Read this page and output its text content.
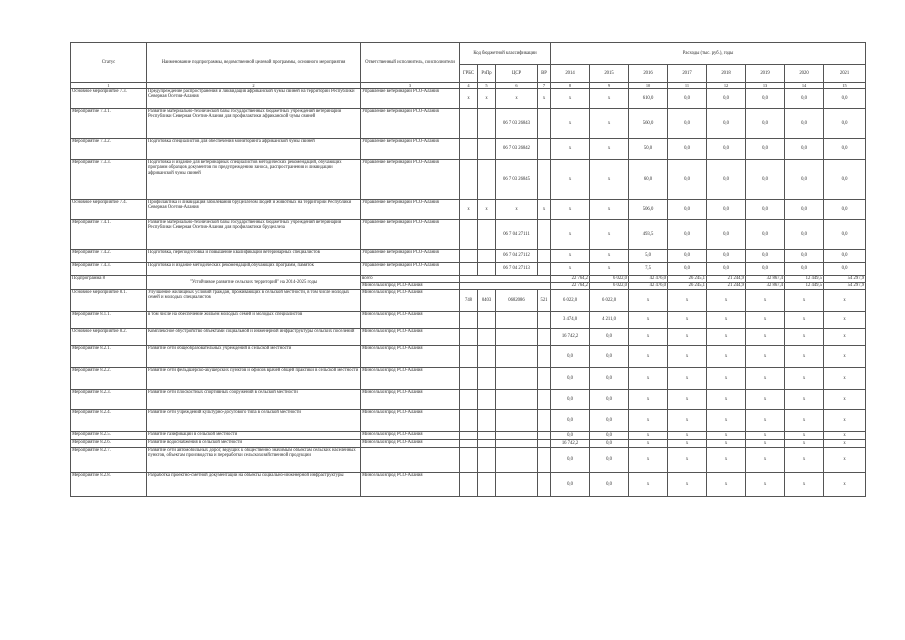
Статус	Наименование подпрограммы, ведомственной целевой программы, основного мероприятия	Ответственный исполнитель, соисполнители	Код бюджетной классификации				Расходы (тыс. руб.), годы							
			ГРБС	РзПр	ЦСР	ВР	2014	2015	2016	2017	2018	2019	2020	2021
1	2	3	4	5	6	7	8	9	10	11	12	13	14	15
Основное мероприятие 7.3.	Предупреждение распространения и ликвидация африканской чумы свиней на территории Республики Северная Осетия-Алания	Управление ветеринарии РСО-Алания	x	x	x	x	x	x	610,0	0,0	0,0	0,0	0,0	0,0
Мероприятие 7.3.1.	Развитие материально-технической базы государственных бюджетных учреждений ветеринарии Республики Северная Осетия-Алания для профилактики африканской чумы свиней	Управление ветеринарии РСО-Алания			06 7 03 26843		x	x	560,0	0,0	0,0	0,0	0,0	0,0
Мероприятие 7.3.2.	Подготовка специалистов для обеспечения мониторинга африканской чумы свиней	Управление ветеринарии РСО-Алания			06 7 03 26842		x	x	50,0	0,0	0,0	0,0	0,0	0,0
Мероприятие 7.3.3.	Подготовка и издание для ветеринарных специалистов методических рекомендаций, обучающих программ образцов документов по предупреждению заноса, распространения и ликвидации африканской чумы свиней	Управление ветеринарии РСО-Алания			06 7 03 26845		x	x	60,0	0,0	0,0	0,0	0,0	0,0
Основное мероприятие 7.4.	Профилактика и ликвидация заболевания бруцеллезом людей и животных на территории Республики Северная Осетия-Алания	Управление ветеринарии РСО-Алания	x	x	x	x	x	x	506,0	0,0	0,0	0,0	0,0	0,0
Мероприятие 7.4.1.	Развитие материально-технической базы государственных бюджетных учреждений ветеринарии Республики Северная Осетия-Алания для профилактики бруцеллеза	Управление ветеринарии РСО-Алания			06 7 04 27111		x	x	493,5	0,0	0,0	0,0	0,0	0,0
Мероприятие 7.4.2.	Подготовка, переподготовка и повышение квалификации ветеринарных специалистов	Управление ветеринарии РСО-Алания			06 7 04 27112		x	x	5,0	0,0	0,0	0,0	0,0	0,0
Мероприятие 7.4.3.	Подготовка и издание методических рекомендаций,обучающих программ, памяток	Управление ветеринарии РСО-Алания			06 7 04 27113		x	x	7,5	0,0	0,0	0,0	0,0	0,0
Подпрограмма 8	"Устойчивое развитие сельских территорий" на 2014-2025 годы	всего					22 764,2	6 022,0	42 476,0	26 245,1	21 244,9	32 867,4	12 449,5	54 297,9
		Минсельхозпрод РСО-Алания					22 764,2	6 022,0	42 476,0	26 245,1	21 244,9	32 867,4	12 449,5	54 297,9
Основное мероприятие 8.1.	Улучшение жилищных условий граждан, проживающих в сельской местности, в том числе молодых семей и молодых специалистов	Минсельхозпрод РСО-Алания	748	0403	0682086	521	6 022,0	6 022,0	x	x	x	x	x	x
Мероприятие 8.1.1.	в том числе на обеспечение жильем молодых семей и молодых специалистов	Минсельхозпрод РСО-Алания					3 474,0	4 211,0	x	x	x	x	x	x
Основное мероприятие 8.2.	Комплексное обустройство объектами социальной и инженерной инфраструктуры сельских поселений	Минсельхозпрод РСО-Алания					16 742,2	0,0	x	x	x	x	x	x
Мероприятие 8.2.1.	Развитие сети общеобразовательных учреждений в сельской местности	Минсельхозпрод РСО-Алания					0,0	0,0	x	x	x	x	x	x
Мероприятие 8.2.2.	Развитие сети фельдшерско-акушерских пунктов и офисов врачей общей практики в сельской местности	Минсельхозпрод РСО-Алания					0,0	0,0	x	x	x	x	x	x
Мероприятие 8.2.3.	Развитие сети плоскостных спортивных сооружений в сельской местности	Минсельхозпрод РСО-Алания					0,0	0,0	x	x	x	x	x	x
Мероприятие 8.2.4.	Развитие сети учреждений культурно-досугового типа в сельской местности	Минсельхозпрод РСО-Алания					0,0	0,0	x	x	x	x	x	x
Мероприятие 8.2.5.	Развитие газификации в сельской местности	Минсельхозпрод РСО-Алания					0,0	0,0	x	x	x	x	x	x
Мероприятие 8.2.6.	Развитие водоснабжения в сельской местности	Минсельхозпрод РСО-Алания					16 742,2	0,0	x	x	x	x	x	x
Мероприятие 8.2.7.	Развитие сети автомобильных дорог, ведущих к общественно значимым объектам сельских населенных пунктов, объектам производства и переработки сельскохозяйственной продукции						0,0	0,0	x	x	x	x	x	x
Мероприятие 8.2.8.	Разработка проектно-сметной документации на объекты социально-инженерной инфраструктуры	Минсельхозпрод РСО-Алания					0,0	0,0	x	x	x	x	x	x
